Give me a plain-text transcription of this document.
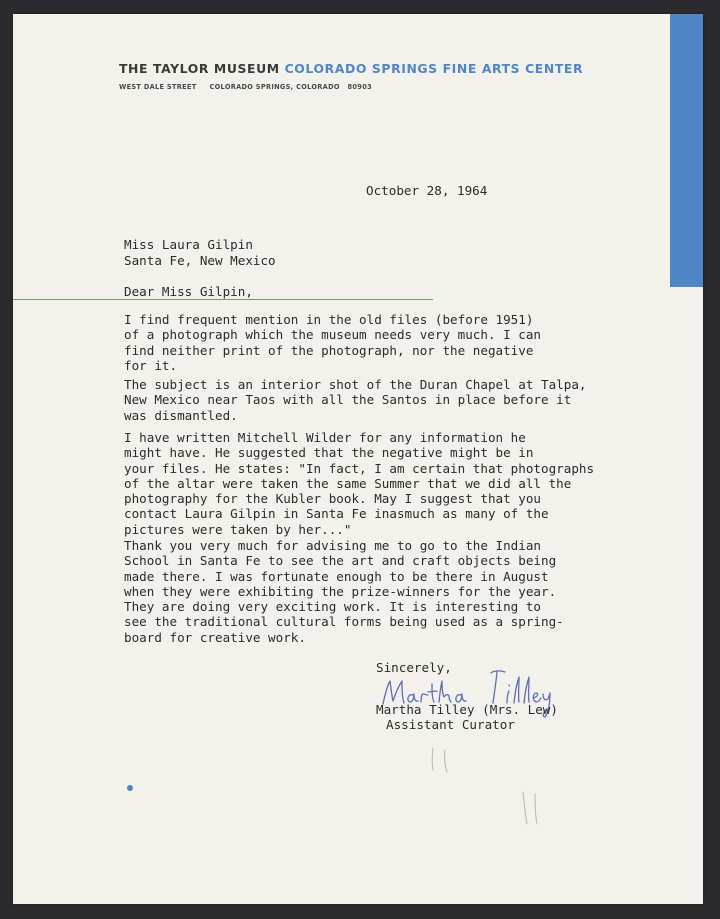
THE TAYLOR MUSEUM COLORADO SPRINGS FINE ARTS CENTER
WEST DALE STREET     COLORADO SPRINGS, COLORADO   80903
October 28, 1964
Miss Laura Gilpin
Santa Fe, New Mexico
Dear Miss Gilpin,
I find frequent mention in the old files (before 1951)
of a photograph which the museum needs very much. I can
find neither print of the photograph, nor the negative
for it.
The subject is an interior shot of the Duran Chapel at Talpa,
New Mexico near Taos with all the Santos in place before it
was dismantled.
I have written Mitchell Wilder for any information he
might have. He suggested that the negative might be in
your files. He states: "In fact, I am certain that photographs
of the altar were taken the same Summer that we did all the
photography for the Kubler book. May I suggest that you
contact Laura Gilpin in Santa Fe inasmuch as many of the
pictures were taken by her..."
Thank you very much for advising me to go to the Indian
School in Santa Fe to see the art and craft objects being
made there. I was fortunate enough to be there in August
when they were exhibiting the prize-winners for the year.
They are doing very exciting work. It is interesting to
see the traditional cultural forms being used as a spring-
board for creative work.
Sincerely,
Martha Tilley (Mrs. Lew)
Assistant Curator
